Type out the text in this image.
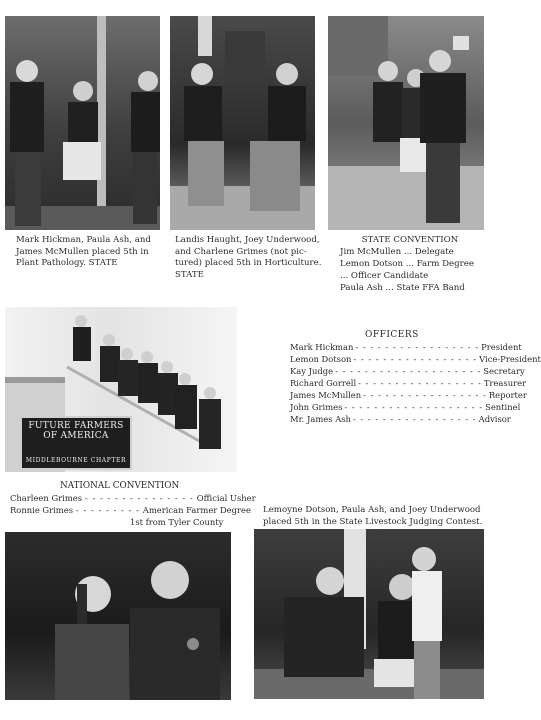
Mark Hickman, Paula Ash, and
James McMullen placed 5th in
Plant Pathology. STATE
Landis Haught, Joey Underwood,
and Charlene Grimes (not pic-
tured) placed 5th in Horticulture.
STATE
STATE CONVENTION
Jim McMullen ... Delegate
Lemon Dotson ... Farm Degree
... Officer Candidate
Paula Ash ... State FFA Band
FUTURE FARMERS OF AMERICA
MIDDLEBOURNE CHAPTER
OFFICERS
Mark Hickman - - - - - - - - - - - - - - - - - President
Lemon Dotson - - - - - - - - - - - - - - - - - Vice-President
Kay Judge - - - - - - - - - - - - - - - - - - - - Secretary
Richard Gorrell - - - - - - - - - - - - - - - - - Treasurer
James McMullen - - - - - - - - - - - - - - - - - Reporter
John Grimes - - - - - - - - - - - - - - - - - - - Sentinel
Mr. James Ash - - - - - - - - - - - - - - - - - Advisor
NATIONAL CONVENTION
Charleen Grimes - - - - - - - - - - - - - - - Official Usher
Ronnie Grimes - - - - - - - - - American Farmer Degree
1st from Tyler County
Lemoyne Dotson, Paula Ash, and Joey Underwood
placed 5th in the State Livestock Judging Contest.
